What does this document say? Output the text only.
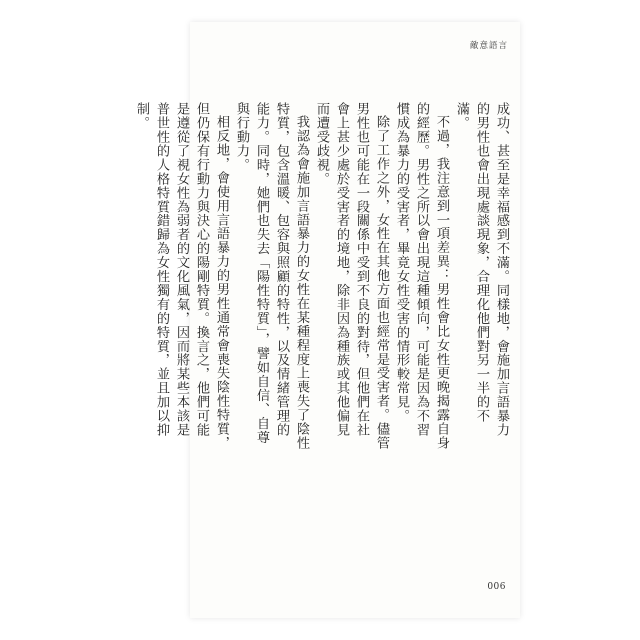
敵意語言

成功、甚至是幸福感到不滿。同樣地，會施加言語暴力的男性也會出現處談現象，合理化他們對另一半的不滿。

不過，我注意到一項差異：男性會比女性更晚揭露自身的經歷。男性之所以會出現這種傾向，可能是因為不習慣成為暴力的受害者，畢竟女性受害的情形較常見。

除了工作之外，女性在其他方面也經常是受害者。儘管男性也可能在一段關係中受到不良的對待，但他們在社會上甚少處於受害者的境地，除非因為種族或其他偏見而遭受歧視。

我認為會施加言語暴力的女性在某種程度上喪失了陰性特質，包含溫暖、包容與照顧的特性，以及情緒管理的能力。同時，她們也失去「陽性特質」，譬如自信、自尊與行動力。

相反地，會使用言語暴力的男性通常會喪失陰性特質，但仍保有行動力與決心的陽剛特質。換言之，他們可能是遵從了視女性為弱者的文化風氣，因而將某些本該是普世性的人格特質錯歸為女性獨有的特質，並且加以抑制。

006
